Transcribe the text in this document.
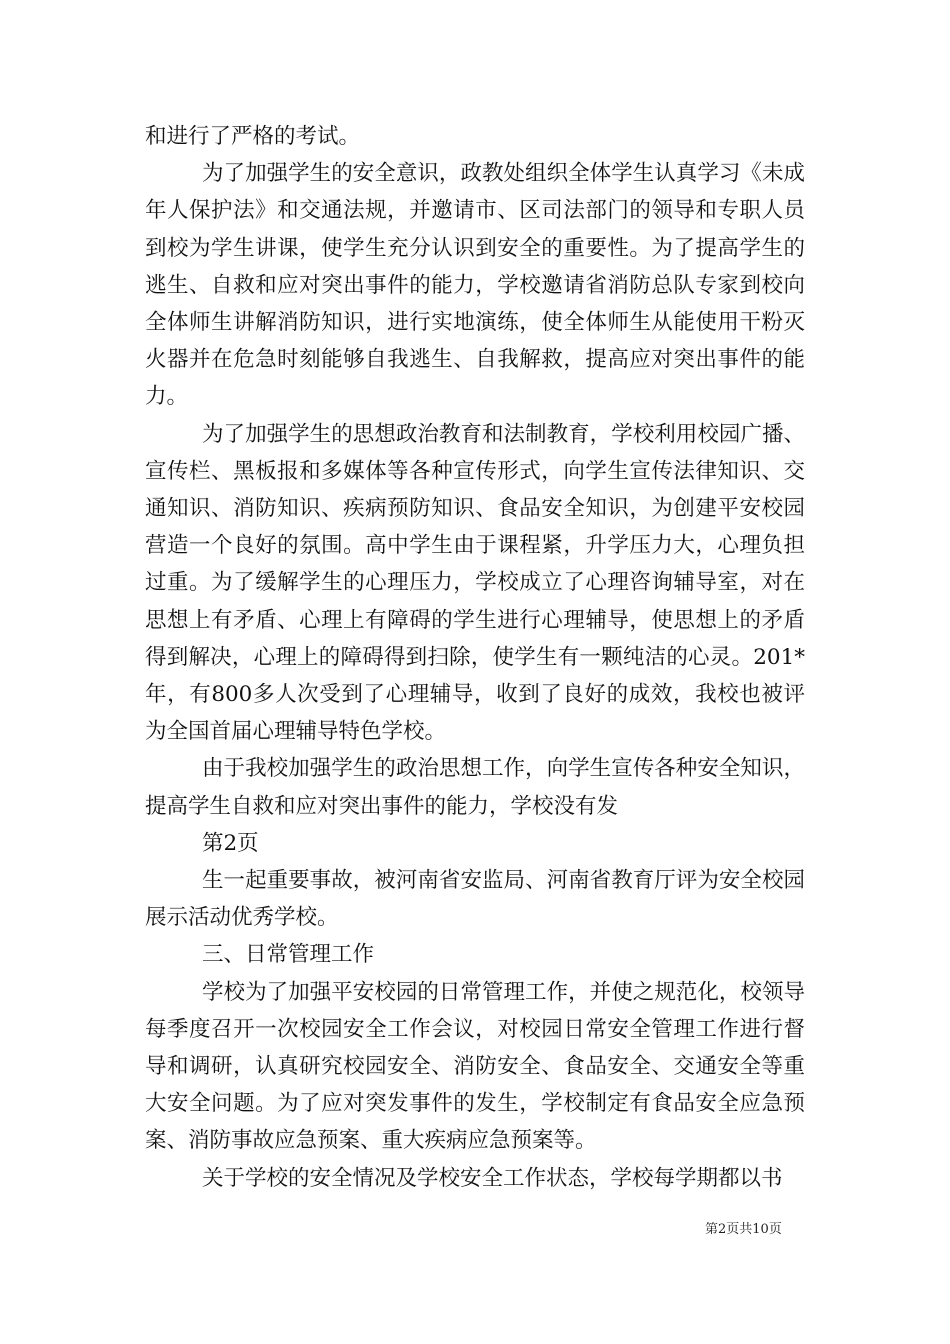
和进行了严格的考试。

为了加强学生的安全意识，政教处组织全体学生认真学习《未成年人保护法》和交通法规，并邀请市、区司法部门的领导和专职人员到校为学生讲课，使学生充分认识到安全的重要性。为了提高学生的逃生、自救和应对突出事件的能力，学校邀请省消防总队专家到校向全体师生讲解消防知识，进行实地演练，使全体师生从能使用干粉灭火器并在危急时刻能够自我逃生、自我解救，提高应对突出事件的能力。

为了加强学生的思想政治教育和法制教育，学校利用校园广播、宣传栏、黑板报和多媒体等各种宣传形式，向学生宣传法律知识、交通知识、消防知识、疾病预防知识、食品安全知识，为创建平安校园营造一个良好的氛围。高中学生由于课程紧，升学压力大，心理负担过重。为了缓解学生的心理压力，学校成立了心理咨询辅导室，对在思想上有矛盾、心理上有障碍的学生进行心理辅导，使思想上的矛盾得到解决，心理上的障碍得到扫除，使学生有一颗纯洁的心灵。201*年，有800多人次受到了心理辅导，收到了良好的成效，我校也被评为全国首届心理辅导特色学校。

由于我校加强学生的政治思想工作，向学生宣传各种安全知识，提高学生自救和应对突出事件的能力，学校没有发

第2页

生一起重要事故，被河南省安监局、河南省教育厅评为安全校园展示活动优秀学校。

三、日常管理工作

学校为了加强平安校园的日常管理工作，并使之规范化，校领导每季度召开一次校园安全工作会议，对校园日常安全管理工作进行督导和调研，认真研究校园安全、消防安全、食品安全、交通安全等重大安全问题。为了应对突发事件的发生，学校制定有食品安全应急预案、消防事故应急预案、重大疾病应急预案等。

关于学校的安全情况及学校安全工作状态，学校每学期都以书

第2页共10页
